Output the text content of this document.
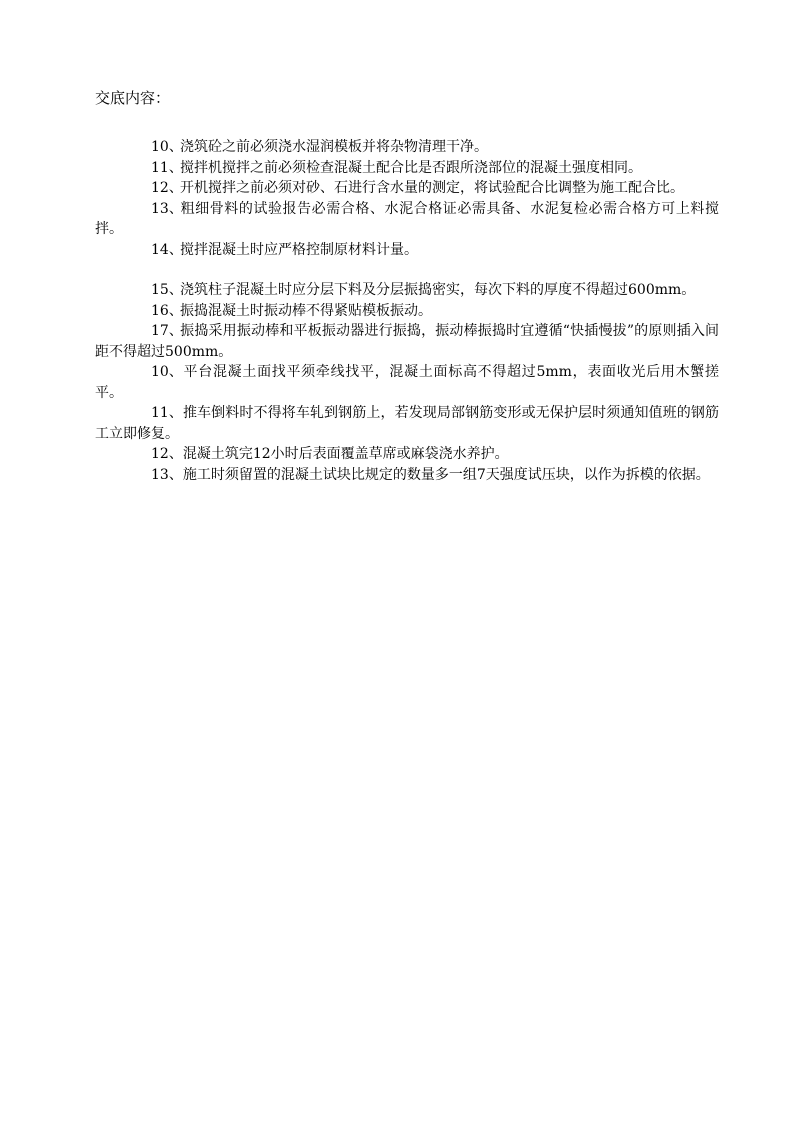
交底内容：

10、浇筑砼之前必须浇水湿润模板并将杂物清理干净。

11、搅拌机搅拌之前必须检查混凝土配合比是否跟所浇部位的混凝土强度相同。

12、开机搅拌之前必须对砂、石进行含水量的测定，将试验配合比调整为施工配合比。

13、粗细骨料的试验报告必需合格、水泥合格证必需具备、水泥复检必需合格方可上料搅拌。

14、搅拌混凝土时应严格控制原材料计量。

15、浇筑柱子混凝土时应分层下料及分层振捣密实，每次下料的厚度不得超过600mm。

16、振捣混凝土时振动棒不得紧贴模板振动。

17、振捣采用振动棒和平板振动器进行振捣，振动棒振捣时宜遵循“快插慢拔”的原则插入间距不得超过500mm。

10、平台混凝土面找平须牵线找平，混凝土面标高不得超过5mm，表面收光后用木蟹搓平。

11、推车倒料时不得将车轧到钢筋上，若发现局部钢筋变形或无保护层时须通知值班的钢筋工立即修复。

12、混凝土筑完12小时后表面覆盖草席或麻袋浇水养护。

13、施工时须留置的混凝土试块比规定的数量多一组7天强度试压块，以作为拆模的依据。
